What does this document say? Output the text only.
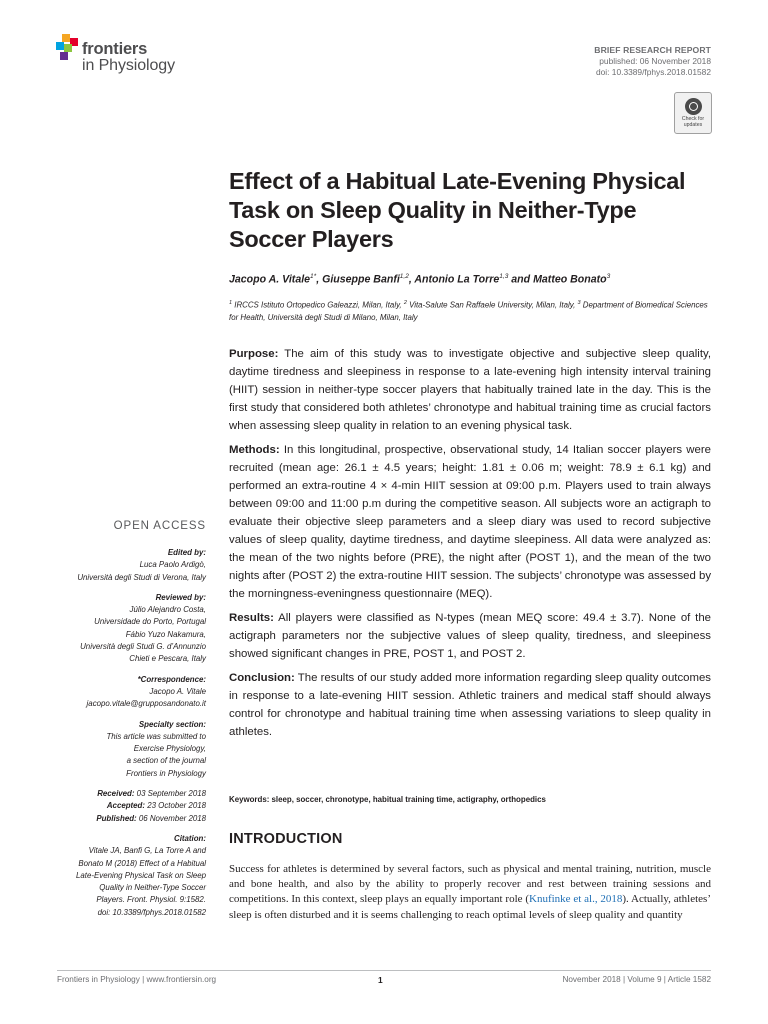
frontiers
in Physiology
BRIEF RESEARCH REPORT
published: 06 November 2018
doi: 10.3389/fphys.2018.01582
Check for
updates
Effect of a Habitual Late-Evening Physical Task on Sleep Quality in Neither-Type Soccer Players
Jacopo A. Vitale$^{1*}$, Giuseppe Banfi$^{1,2}$, Antonio La Torre$^{1,3}$ and Matteo Bonato$^3$
$^1$ IRCCS Istituto Ortopedico Galeazzi, Milan, Italy, $^2$ Vita-Salute San Raffaele University, Milan, Italy, $^3$ Department of Biomedical Sciences for Health, Università degli Studi di Milano, Milan, Italy

Purpose: The aim of this study was to investigate objective and subjective sleep quality, daytime tiredness and sleepiness in response to a late-evening high intensity interval training (HIIT) session in neither-type soccer players that habitually trained late in the day. This is the first study that considered both athletes’ chronotype and habitual training time as crucial factors when assessing sleep quality in relation to an evening physical task.

Methods: In this longitudinal, prospective, observational study, 14 Italian soccer players were recruited (mean age: 26.1 ± 4.5 years; height: 1.81 ± 0.06 m; weight: 78.9 ± 6.1 kg) and performed an extra-routine 4 × 4-min HIIT session at 09:00 p.m. Players used to train always between 09:00 and 11:00 p.m during the competitive season. All subjects wore an actigraph to evaluate their objective sleep parameters and a sleep diary was used to record subjective values of sleep quality, daytime tiredness, and daytime sleepiness. All data were analyzed as: the mean of the two nights before (PRE), the night after (POST 1), and the mean of the two nights after (POST 2) the extra-routine HIIT session. The subjects’ chronotype was assessed by the morningness-eveningness questionnaire (MEQ).

Results: All players were classified as N-types (mean MEQ score: 49.4 ± 3.7). None of the actigraph parameters nor the subjective values of sleep quality, tiredness, and sleepiness showed significant changes in PRE, POST 1, and POST 2.

Conclusion: The results of our study added more information regarding sleep quality outcomes in response to a late-evening HIIT session. Athletic trainers and medical staff should always control for chronotype and habitual training time when assessing variations to sleep quality in athletes.

Keywords: sleep, soccer, chronotype, habitual training time, actigraphy, orthopedics
INTRODUCTION
Success for athletes is determined by several factors, such as physical and mental training, nutrition, muscle and bone health, and also by the ability to properly recover and rest between training sessions and competitions. In this context, sleep plays an equally important role (Knufinke et al., 2018). Actually, athletes’ sleep is often disturbed and it is seems challenging to reach optimal levels of sleep quality and quantity
OPEN ACCESS
Edited by:
Luca Paolo Ardigò,
Università degli Studi di Verona, Italy
Reviewed by:
Júlio Alejandro Costa,
Universidade do Porto, Portugal
Fábio Yuzo Nakamura,
Università degli Studi G. d’Annunzio
Chieti e Pescara, Italy
*Correspondence:
Jacopo A. Vitale
jacopo.vitale@grupposandonato.it
Specialty section:
This article was submitted to
Exercise Physiology,
a section of the journal
Frontiers in Physiology
Received: 03 September 2018
Accepted: 23 October 2018
Published: 06 November 2018
Citation:
Vitale JA, Banfi G, La Torre A and
Bonato M (2018) Effect of a Habitual
Late-Evening Physical Task on Sleep
Quality in Neither-Type Soccer
Players. Front. Physiol. 9:1582.
doi: 10.3389/fphys.2018.01582
Frontiers in Physiology | www.frontiersin.org	1	November 2018 | Volume 9 | Article 1582
